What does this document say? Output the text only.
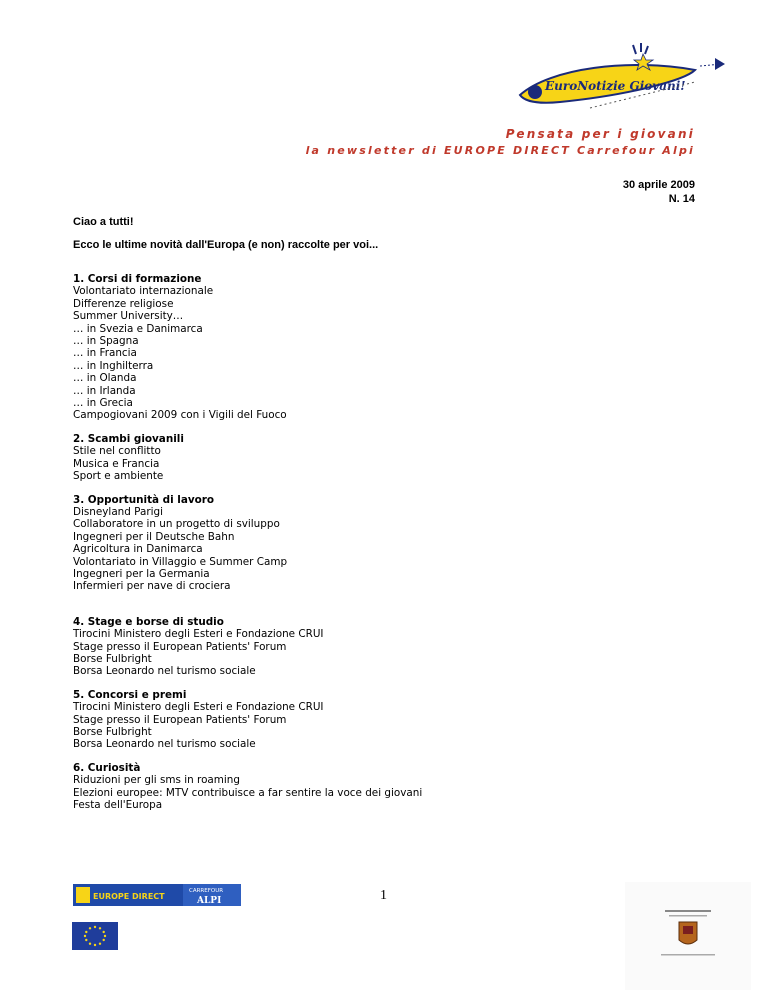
EuroNotizie Giovani!
Pensata per i giovani
la newsletter di EUROPE DIRECT Carrefour Alpi
30 aprile 2009
N. 14
Ciao a tutti!
Ecco le ultime novità dall'Europa (e non) raccolte per voi...
1. Corsi di formazione
Volontariato internazionale
Differenze religiose
Summer University…
… in Svezia e Danimarca
… in Spagna
… in Francia
… in Inghilterra
… in Olanda
… in Irlanda
… in Grecia
Campogiovani 2009 con i Vigili del Fuoco
2. Scambi giovanili
Stile nel conflitto
Musica e Francia
Sport e ambiente
3. Opportunità di lavoro
Disneyland Parigi
Collaboratore in un progetto di sviluppo
Ingegneri per il Deutsche Bahn
Agricoltura in Danimarca
Volontariato in Villaggio e Summer Camp
Ingegneri per la Germania
Infermieri per nave di crociera
4. Stage e borse di studio
Tirocini Ministero degli Esteri e Fondazione CRUI
Stage presso il European Patients' Forum
Borse Fulbright
Borsa Leonardo nel turismo sociale
5. Concorsi e premi
Tirocini Ministero degli Esteri e Fondazione CRUI
Stage presso il European Patients' Forum
Borse Fulbright
Borsa Leonardo nel turismo sociale
6. Curiosità
Riduzioni per gli sms in roaming
Elezioni europee: MTV contribuisce a far sentire la voce dei giovani
Festa dell'Europa
EUROPE DIRECT
CARREFOUR
ALPI	1
